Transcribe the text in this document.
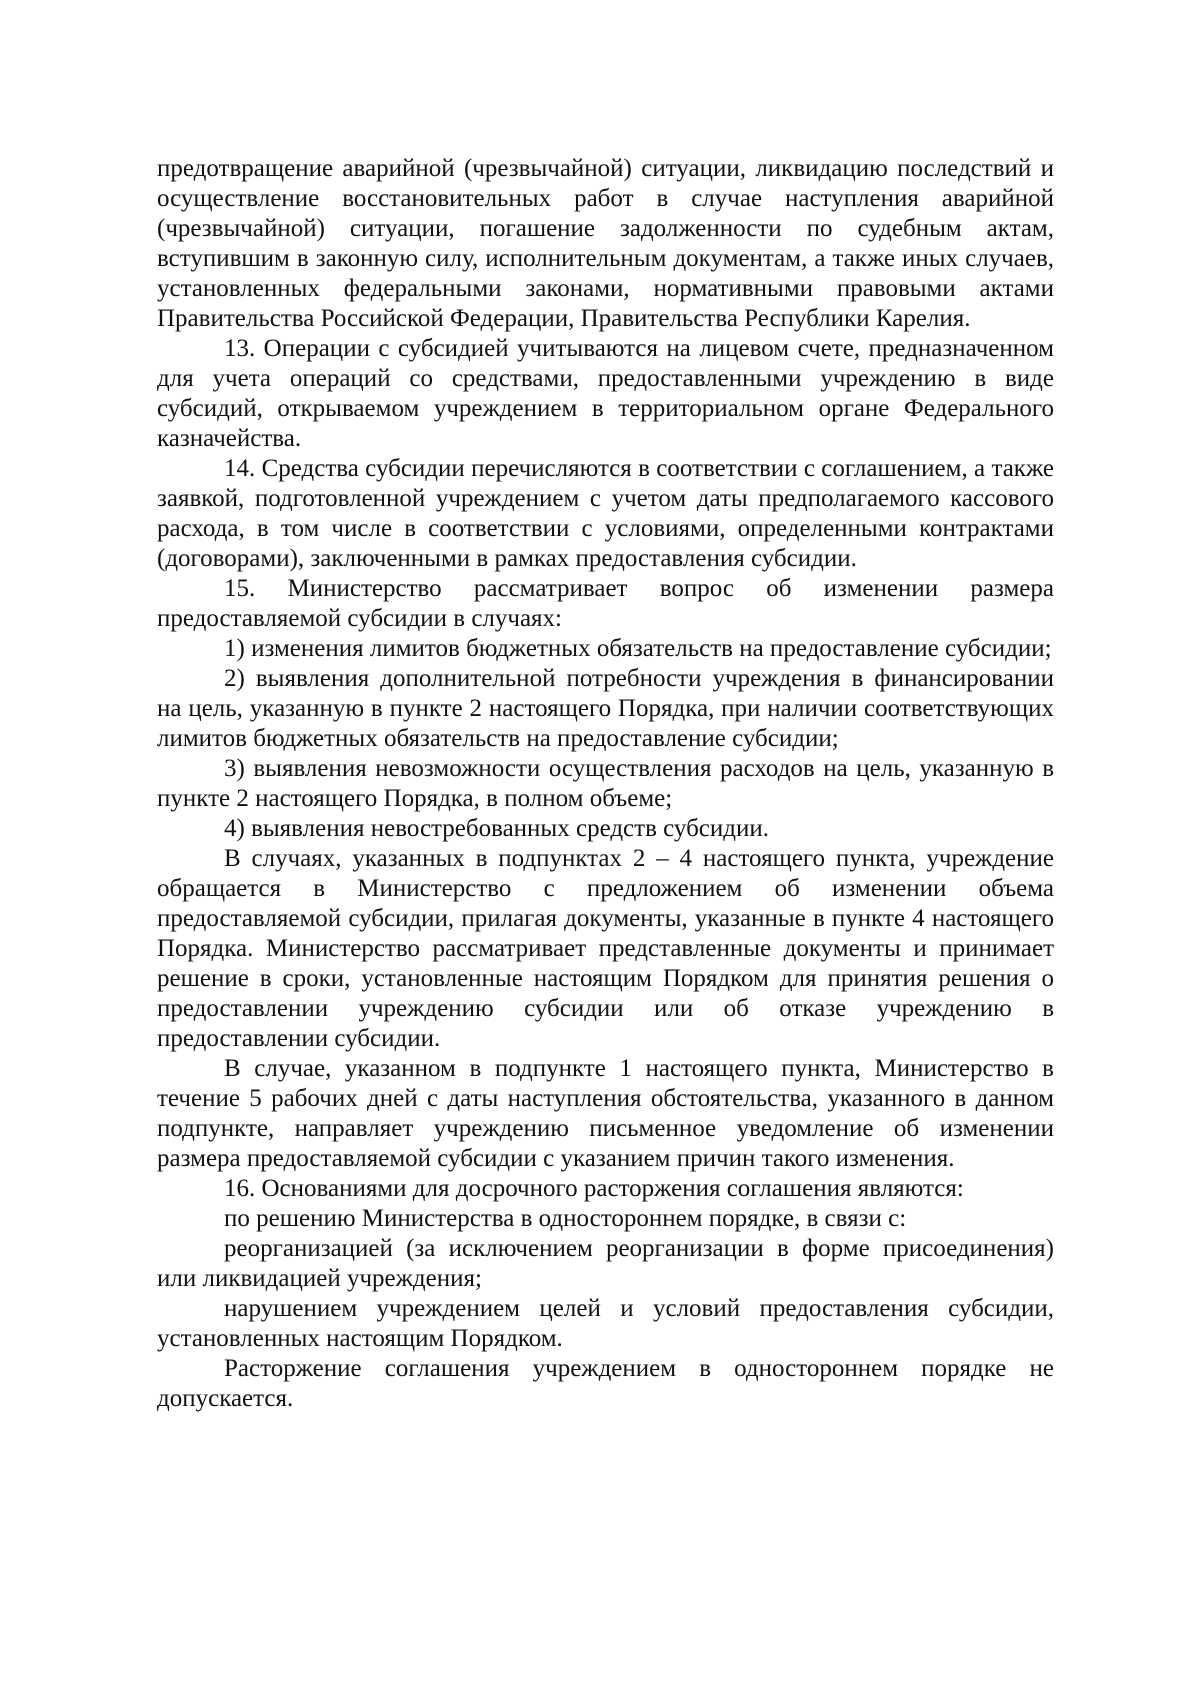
предотвращение аварийной (чрезвычайной) ситуации, ликвидацию последствий и осуществление восстановительных работ в случае наступления аварийной (чрезвычайной) ситуации, погашение задолженности по судебным актам, вступившим в законную силу, исполнительным документам, а также иных случаев, установленных федеральными законами, нормативными правовыми актами Правительства Российской Федерации, Правительства Республики Карелия.

13. Операции с субсидией учитываются на лицевом счете, предназначенном для учета операций со средствами, предоставленными учреждению в виде субсидий, открываемом учреждением в территориальном органе Федерального казначейства.

14. Средства субсидии перечисляются в соответствии с соглашением, а также заявкой, подготовленной учреждением с учетом даты предполагаемого кассового расхода, в том числе в соответствии с условиями, определенными контрактами (договорами), заключенными в рамках предоставления субсидии.

15. Министерство рассматривает вопрос об изменении размера предоставляемой субсидии в случаях:

1) изменения лимитов бюджетных обязательств на предоставление субсидии;

2) выявления дополнительной потребности учреждения в финансировании на цель, указанную в пункте 2 настоящего Порядка, при наличии соответствующих лимитов бюджетных обязательств на предоставление субсидии;

3) выявления невозможности осуществления расходов на цель, указанную в пункте 2 настоящего Порядка, в полном объеме;

4) выявления невостребованных средств субсидии.

В случаях, указанных в подпунктах 2 – 4 настоящего пункта, учреждение обращается в Министерство с предложением об изменении объема предоставляемой субсидии, прилагая документы, указанные в пункте 4 настоящего Порядка. Министерство рассматривает представленные документы и принимает решение в сроки, установленные настоящим Порядком для принятия решения о предоставлении учреждению субсидии или об отказе учреждению в предоставлении субсидии.

В случае, указанном в подпункте 1 настоящего пункта, Министерство в течение 5 рабочих дней с даты наступления обстоятельства, указанного в данном подпункте, направляет учреждению письменное уведомление об изменении размера предоставляемой субсидии с указанием причин такого изменения.

16. Основаниями для досрочного расторжения соглашения являются:

по решению Министерства в одностороннем порядке, в связи с:

реорганизацией (за исключением реорганизации в форме присоединения) или ликвидацией учреждения;

нарушением учреждением целей и условий предоставления субсидии, установленных настоящим Порядком.

Расторжение соглашения учреждением в одностороннем порядке не допускается.
